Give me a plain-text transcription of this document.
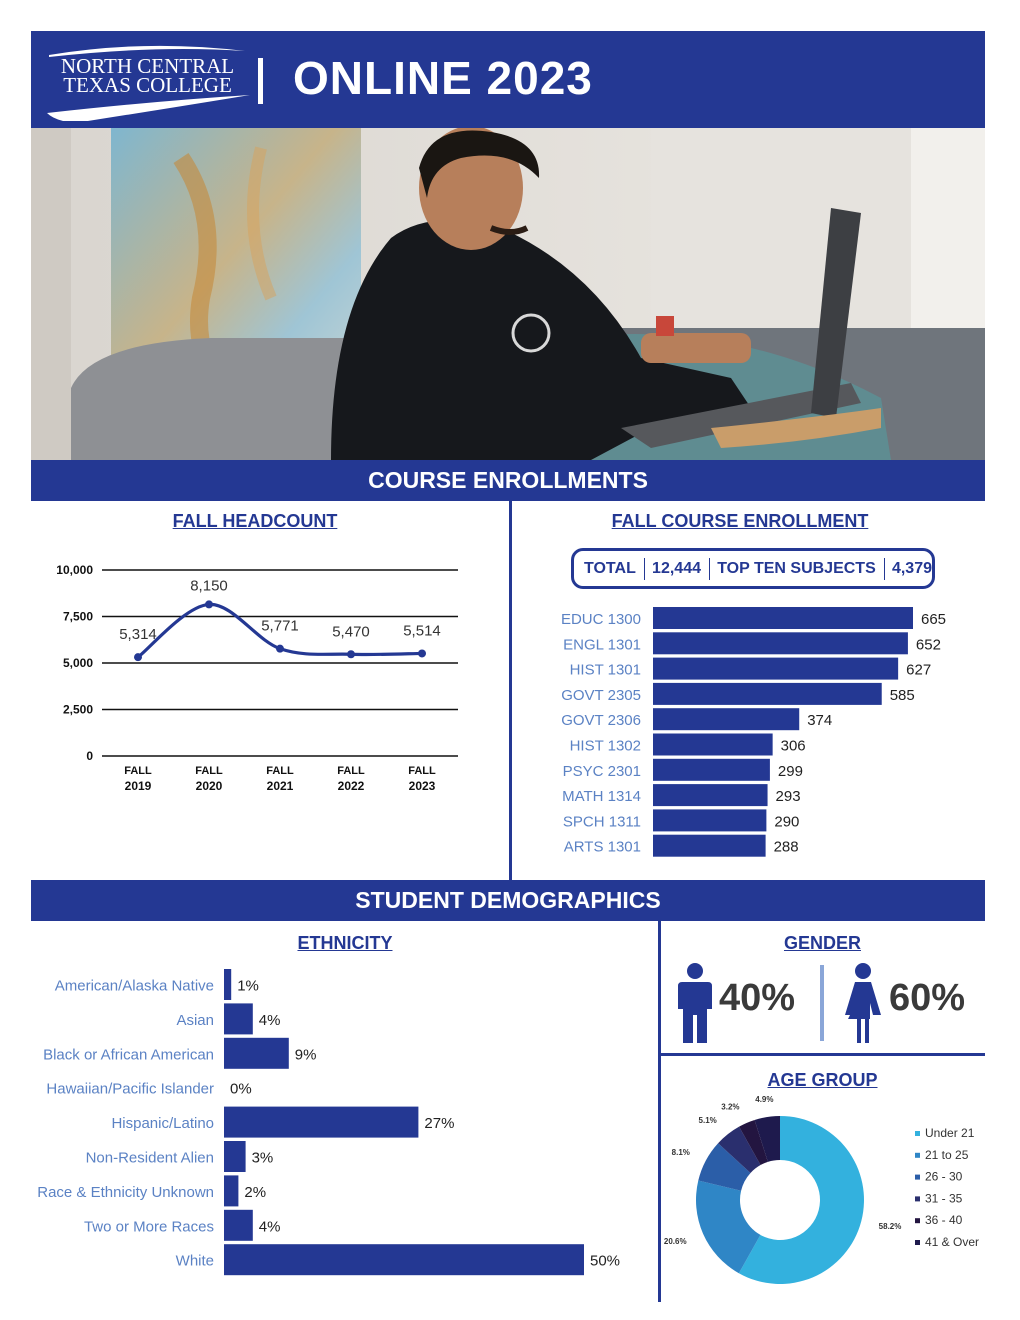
NORTH CENTRAL
TEXAS COLLEGE	ONLINE 2023
COURSE ENROLLMENTS
FALL HEADCOUNT
0
2,500
5,000
7,500
10,000
5,314
FALL
2019
8,150
FALL
2020
5,771
FALL
2021
5,470
FALL
2022
5,514
FALL
2023
FALL COURSE ENROLLMENT
TOTAL 12,444 TOP TEN SUBJECTS 4,379
EDUC 1300	665
ENGL 1301	652
HIST 1301	627
GOVT 2305	585
GOVT 2306	374
HIST 1302	306
PSYC 2301	299
MATH 1314	293
SPCH 1311	290
ARTS 1301	288
STUDENT DEMOGRAPHICS
ETHNICITY
American/Alaska Native 1%
Asian	4%
Black or African American	9%
Hawaiian/Pacific Islander 0%
Hispanic/Latino	27%
Non-Resident Alien	3%
Race & Ethnicity Unknown 2%
Two or More Races	4%
White	50%
GENDER
40% 60%
AGE GROUP
58.2%
20.6%
8.1%
5.1%
3.2%
4.9%
Under 21
21 to 25
26 - 30
31 - 35
36 - 40
41 & Over
